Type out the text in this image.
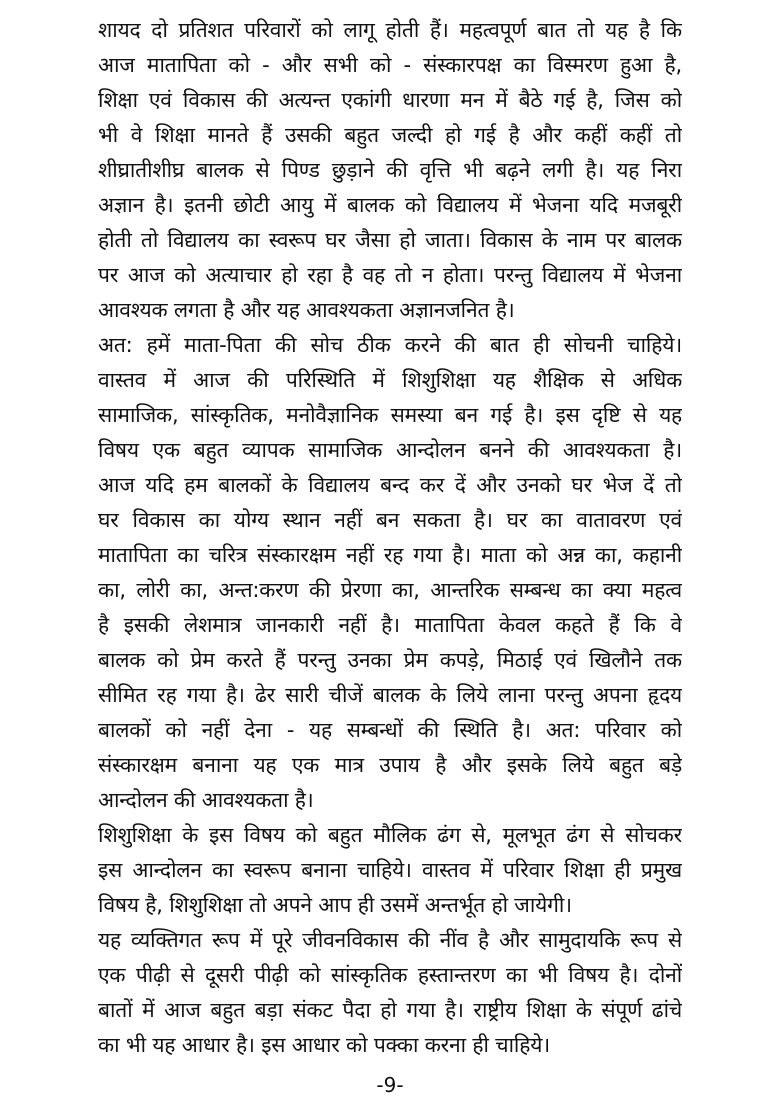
शायद दो प्रतिशत परिवारों को लागू होती हैं। महत्वपूर्ण बात तो यह है कि
आज मातापिता को - और सभी को - संस्कारपक्ष का विस्मरण हुआ है,
शिक्षा एवं विकास की अत्यन्त एकांगी धारणा मन में बैठे गई है, जिस को
भी वे शिक्षा मानते हैं उसकी बहुत जल्दी हो गई है और कहीं कहीं तो
शीघ्रातीशीघ्र बालक से पिण्ड छुड़ाने की वृत्ति भी बढ़ने लगी है। यह निरा
अज्ञान है। इतनी छोटी आयु में बालक को विद्यालय में भेजना यदि मजबूरी
होती तो विद्यालय का स्वरूप घर जैसा हो जाता। विकास के नाम पर बालक
पर आज को अत्याचार हो रहा है वह तो न होता। परन्तु विद्यालय में भेजना
आवश्यक लगता है और यह आवश्यकता अज्ञानजनित है।
अत: हमें माता-पिता की सोच ठीक करने की बात ही सोचनी चाहिये।
वास्तव में आज की परिस्थिति में शिशुशिक्षा यह शैक्षिक से अधिक
सामाजिक, सांस्कृतिक, मनोवैज्ञानिक समस्या बन गई है। इस दृष्टि से यह
विषय एक बहुत व्यापक सामाजिक आन्दोलन बनने की आवश्यकता है।
आज यदि हम बालकों के विद्यालय बन्द कर दें और उनको घर भेज दें तो
घर विकास का योग्य स्थान नहीं बन सकता है। घर का वातावरण एवं
मातापिता का चरित्र संस्कारक्षम नहीं रह गया है। माता को अन्न का, कहानी
का, लोरी का, अन्त:करण की प्रेरणा का, आन्तरिक सम्बन्ध का क्या महत्व
है इसकी लेशमात्र जानकारी नहीं है। मातापिता केवल कहते हैं कि वे
बालक को प्रेम करते हैं परन्तु उनका प्रेम कपड़े, मिठाई एवं खिलौने तक
सीमित रह गया है। ढेर सारी चीजें बालक के लिये लाना परन्तु अपना हृदय
बालकों को नहीं देना - यह सम्बन्धों की स्थिति है। अत: परिवार को
संस्कारक्षम बनाना यह एक मात्र उपाय है और इसके लिये बहुत बड़े
आन्दोलन की आवश्यकता है।
शिशुशिक्षा के इस विषय को बहुत मौलिक ढंग से, मूलभूत ढंग से सोचकर
इस आन्दोलन का स्वरूप बनाना चाहिये। वास्तव में परिवार शिक्षा ही प्रमुख
विषय है, शिशुशिक्षा तो अपने आप ही उसमें अन्तर्भूत हो जायेगी।
यह व्यक्तिगत रूप में पूरे जीवनविकास की नींव है और सामुदायकि रूप से
एक पीढ़ी से दूसरी पीढ़ी को सांस्कृतिक हस्तान्तरण का भी विषय है। दोनों
बातों में आज बहुत बड़ा संकट पैदा हो गया है। राष्ट्रीय शिक्षा के संपूर्ण ढांचे
का भी यह आधार है। इस आधार को पक्का करना ही चाहिये।
-9-
